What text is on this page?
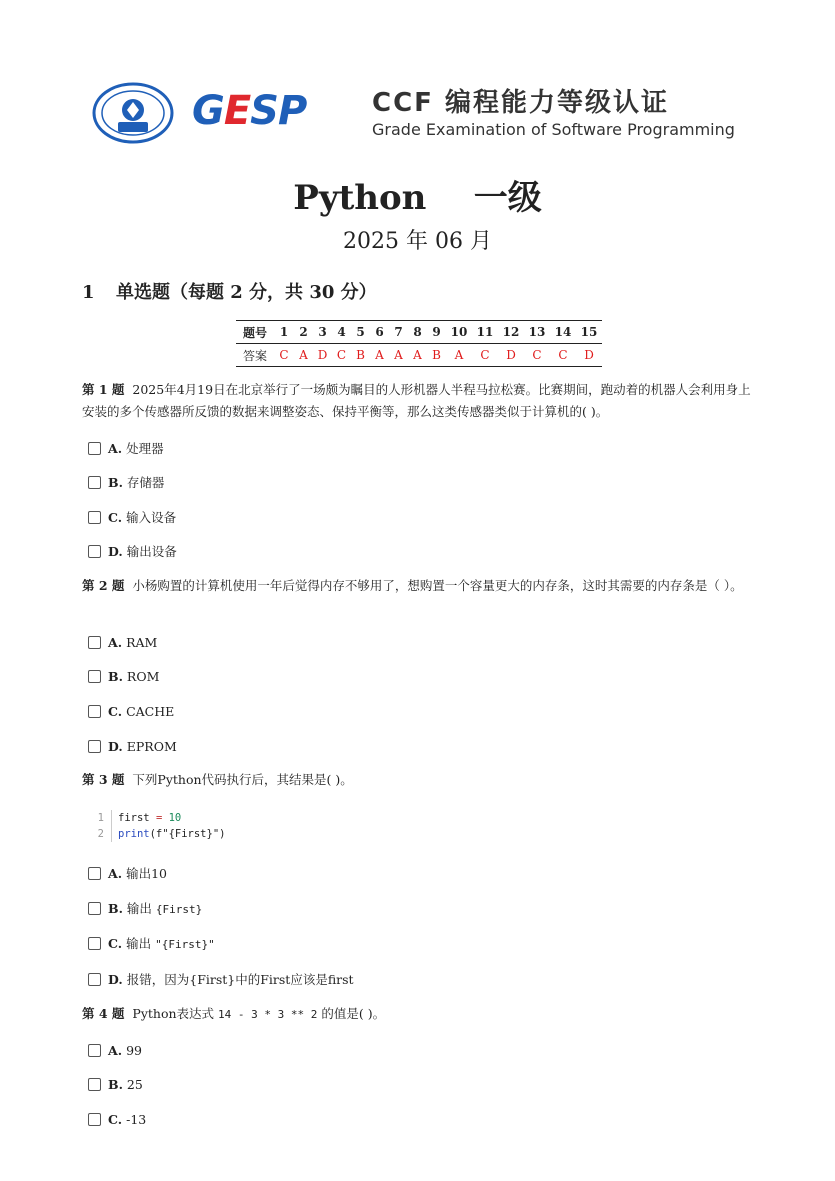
GESP	CCF 编程能力等级认证
Grade Examination of Software Programming
Python    一级
2025 年 06 月
1 单选题（每题 2 分，共 30 分）
题号	1	2	3	4	5	6	7	8	9	10	11	12	13	14	15
答案	C	A	D	C	B	A	A	A	B	A	C	D	C	C	D
第 1 题 2025年4月19日在北京举行了一场颇为瞩目的人形机器人半程马拉松赛。比赛期间，跑动着的机器人会利用身上安装的多个传感器所反馈的数据来调整姿态、保持平衡等，那么这类传感器类似于计算机的( )。
A. 处理器
B. 存储器
C. 输入设备
D. 输出设备
第 2 题 小杨购置的计算机使用一年后觉得内存不够用了，想购置一个容量更大的内存条，这时其需要的内存条是（ ）。
A. RAM
B. ROM
C. CACHE
D. EPROM
第 3 题 下列Python代码执行后，其结果是( )。
1	first
=
10
2	print (f"{First}")
A. 输出10
B. 输出 {First}
C. 输出 "{First}"
D. 报错，因为{First}中的First应该是first
第 4 题 Python表达式 14 - 3 * 3 ** 2 的值是( )。
A. 99
B. 25
C. -13
